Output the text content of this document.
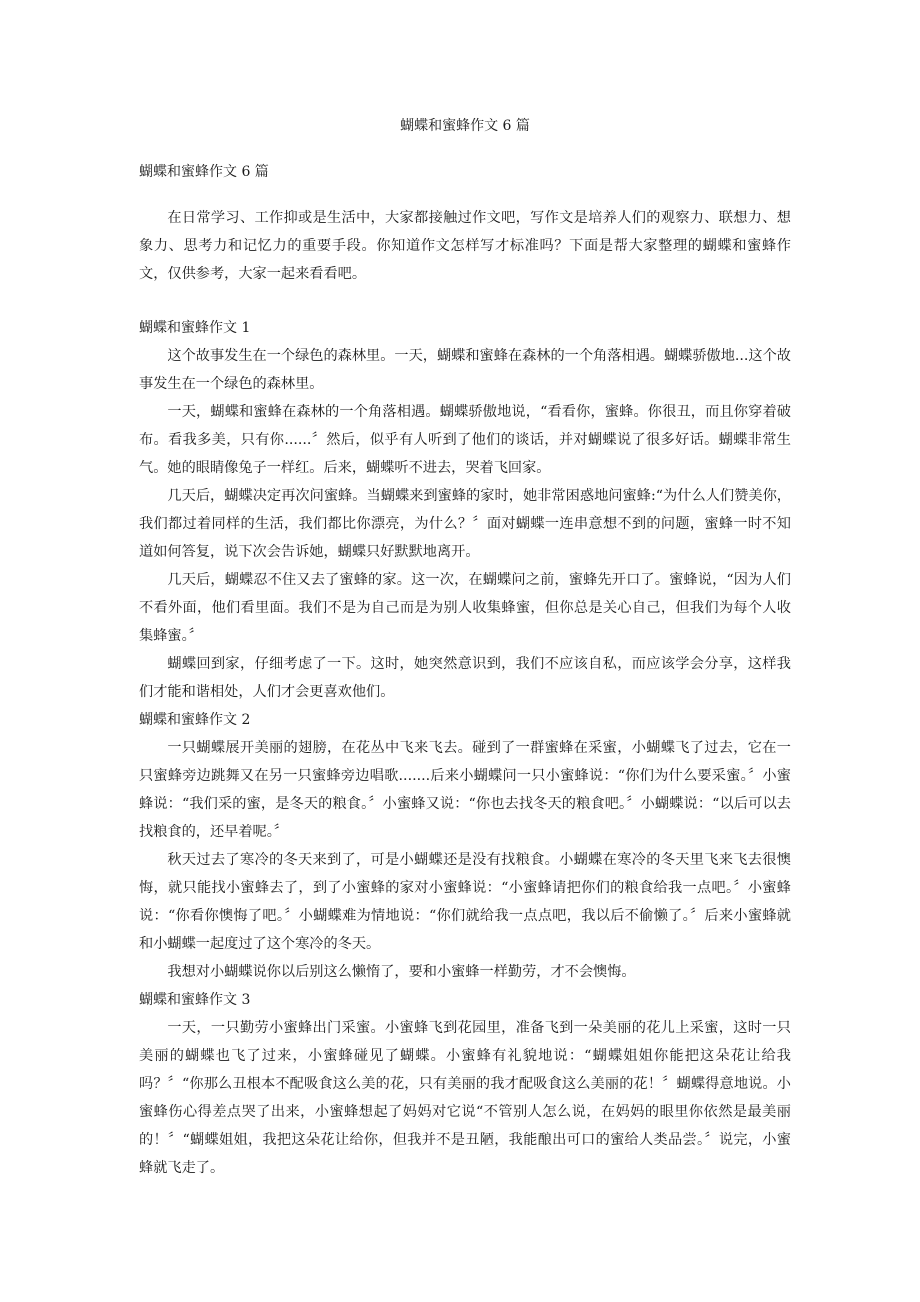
蝴蝶和蜜蜂作文 6 篇
蝴蝶和蜜蜂作文 6 篇

在日常学习、工作抑或是生活中，大家都接触过作文吧，写作文是培养人们的观察力、联想力、想象力、思考力和记忆力的重要手段。你知道作文怎样写才标准吗？下面是帮大家整理的蝴蝶和蜜蜂作文，仅供参考，大家一起来看看吧。

蝴蝶和蜜蜂作文 1

这个故事发生在一个绿色的森林里。一天，蝴蝶和蜜蜂在森林的一个角落相遇。蝴蝶骄傲地...这个故事发生在一个绿色的森林里。

一天，蝴蝶和蜜蜂在森林的一个角落相遇。蝴蝶骄傲地说，“看看你，蜜蜂。你很丑，而且你穿着破布。看我多美，只有你......〞然后，似乎有人听到了他们的谈话，并对蝴蝶说了很多好话。蝴蝶非常生气。她的眼睛像兔子一样红。后来，蝴蝶听不进去，哭着飞回家。

几天后，蝴蝶决定再次问蜜蜂。当蝴蝶来到蜜蜂的家时，她非常困惑地问蜜蜂:“为什么人们赞美你，我们都过着同样的生活，我们都比你漂亮，为什么？〞面对蝴蝶一连串意想不到的问题，蜜蜂一时不知道如何答复，说下次会告诉她，蝴蝶只好默默地离开。

几天后，蝴蝶忍不住又去了蜜蜂的家。这一次，在蝴蝶问之前，蜜蜂先开口了。蜜蜂说，“因为人们不看外面，他们看里面。我们不是为自己而是为别人收集蜂蜜，但你总是关心自己，但我们为每个人收集蜂蜜。〞

蝴蝶回到家，仔细考虑了一下。这时，她突然意识到，我们不应该自私，而应该学会分享，这样我们才能和谐相处，人们才会更喜欢他们。

蝴蝶和蜜蜂作文 2

一只蝴蝶展开美丽的翅膀，在花丛中飞来飞去。碰到了一群蜜蜂在采蜜，小蝴蝶飞了过去，它在一只蜜蜂旁边跳舞又在另一只蜜蜂旁边唱歌.......后来小蝴蝶问一只小蜜蜂说：“你们为什么要采蜜。〞小蜜蜂说：“我们采的蜜，是冬天的粮食。〞小蜜蜂又说：“你也去找冬天的粮食吧。〞小蝴蝶说：“以后可以去找粮食的，还早着呢。〞

秋天过去了寒冷的冬天来到了，可是小蝴蝶还是没有找粮食。小蝴蝶在寒冷的冬天里飞来飞去很懊悔，就只能找小蜜蜂去了，到了小蜜蜂的家对小蜜蜂说：“小蜜蜂请把你们的粮食给我一点吧。〞小蜜蜂说：“你看你懊悔了吧。〞小蝴蝶难为情地说：“你们就给我一点点吧，我以后不偷懒了。〞后来小蜜蜂就和小蝴蝶一起度过了这个寒冷的冬天。

我想对小蝴蝶说你以后别这么懒惰了，要和小蜜蜂一样勤劳，才不会懊悔。

蝴蝶和蜜蜂作文 3

一天，一只勤劳小蜜蜂出门采蜜。小蜜蜂飞到花园里，准备飞到一朵美丽的花儿上采蜜，这时一只美丽的蝴蝶也飞了过来，小蜜蜂碰见了蝴蝶。小蜜蜂有礼貌地说：“蝴蝶姐姐你能把这朵花让给我吗？〞“你那么丑根本不配吸食这么美的花，只有美丽的我才配吸食这么美丽的花！〞蝴蝶得意地说。小蜜蜂伤心得差点哭了出来，小蜜蜂想起了妈妈对它说“不管别人怎么说，在妈妈的眼里你依然是最美丽的！〞“蝴蝶姐姐，我把这朵花让给你，但我并不是丑陋，我能酿出可口的蜜给人类品尝。〞说完，小蜜蜂就飞走了。
